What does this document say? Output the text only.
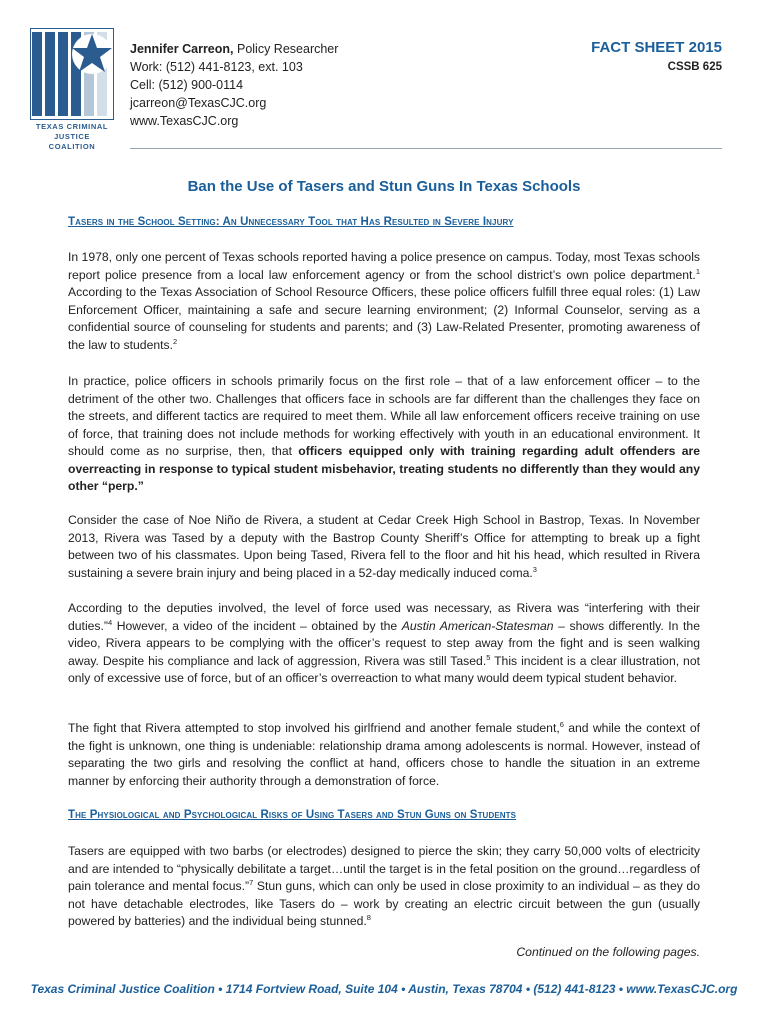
TEXAS CRIMINAL
JUSTICE COALITION
Jennifer Carreon, Policy Researcher
Work: (512) 441-8123, ext. 103
Cell: (512) 900-0114
jcarreon@TexasCJC.org
www.TexasCJC.org
FACT SHEET 2015
CSSB 625
Ban the Use of Tasers and Stun Guns In Texas Schools
Tasers in the School Setting: An Unnecessary Tool that Has Resulted in Severe Injury
In 1978, only one percent of Texas schools reported having a police presence on campus. Today, most Texas schools report police presence from a local law enforcement agency or from the school district’s own police department.$^1$ According to the Texas Association of School Resource Officers, these police officers fulfill three equal roles: (1) Law Enforcement Officer, maintaining a safe and secure learning environment; (2) Informal Counselor, serving as a confidential source of counseling for students and parents; and (3) Law-Related Presenter, promoting awareness of the law to students.$^2$
In practice, police officers in schools primarily focus on the first role – that of a law enforcement officer – to the detriment of the other two. Challenges that officers face in schools are far different than the challenges they face on the streets, and different tactics are required to meet them. While all law enforcement officers receive training on use of force, that training does not include methods for working effectively with youth in an educational environment. It should come as no surprise, then, that officers equipped only with training regarding adult offenders are overreacting in response to typical student misbehavior, treating students no differently than they would any other “perp.”
Consider the case of Noe Niño de Rivera, a student at Cedar Creek High School in Bastrop, Texas. In November 2013, Rivera was Tased by a deputy with the Bastrop County Sheriff’s Office for attempting to break up a fight between two of his classmates. Upon being Tased, Rivera fell to the floor and hit his head, which resulted in Rivera sustaining a severe brain injury and being placed in a 52-day medically induced coma.$^3$
According to the deputies involved, the level of force used was necessary, as Rivera was “interfering with their duties.”$^4$ However, a video of the incident – obtained by the Austin American-Statesman – shows differently. In the video, Rivera appears to be complying with the officer’s request to step away from the fight and is seen walking away. Despite his compliance and lack of aggression, Rivera was still Tased.$^5$ This incident is a clear illustration, not only of excessive use of force, but of an officer’s overreaction to what many would deem typical student behavior.
The fight that Rivera attempted to stop involved his girlfriend and another female student,$^6$ and while the context of the fight is unknown, one thing is undeniable: relationship drama among adolescents is normal. However, instead of separating the two girls and resolving the conflict at hand, officers chose to handle the situation in an extreme manner by enforcing their authority through a demonstration of force.
The Physiological and Psychological Risks of Using Tasers and Stun Guns on Students
Tasers are equipped with two barbs (or electrodes) designed to pierce the skin; they carry 50,000 volts of electricity and are intended to “physically debilitate a target…until the target is in the fetal position on the ground…regardless of pain tolerance and mental focus.”$^7$ Stun guns, which can only be used in close proximity to an individual – as they do not have detachable electrodes, like Tasers do – work by creating an electric circuit between the gun (usually powered by batteries) and the individual being stunned.$^8$
Continued on the following pages.
Texas Criminal Justice Coalition • 1714 Fortview Road, Suite 104 • Austin, Texas 78704 • (512) 441-8123 • www.TexasCJC.org
